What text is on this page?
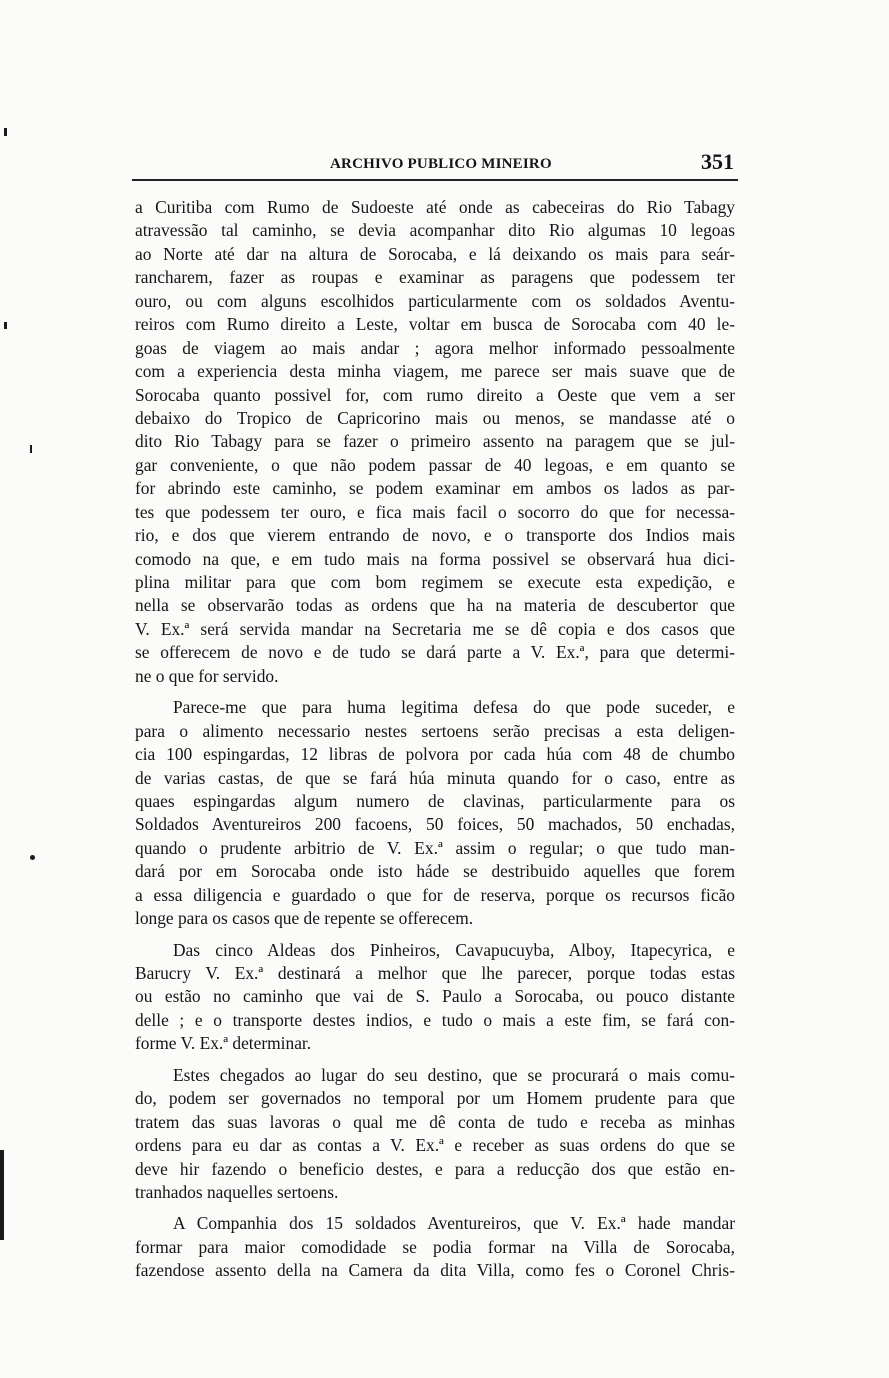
ARCHIVO PUBLICO MINEIRO	351
a Curitiba com Rumo de Sudoeste até onde as cabeceiras do Rio Tabagy
atravessão tal caminho, se devia acompanhar dito Rio algumas 10 legoas
ao Norte até dar na altura de Sorocaba, e lá deixando os mais para seár-
rancharem, fazer as roupas e examinar as paragens que podessem ter
ouro, ou com alguns escolhidos particularmente com os soldados Aventu-
reiros com Rumo direito a Leste, voltar em busca de Sorocaba com 40 le-
goas de viagem ao mais andar ; agora melhor informado pessoalmente
com a experiencia desta minha viagem, me parece ser mais suave que de
Sorocaba quanto possivel for, com rumo direito a Oeste que vem a ser
debaixo do Tropico de Capricorino mais ou menos, se mandasse até o
dito Rio Tabagy para se fazer o primeiro assento na paragem que se jul-
gar conveniente, o que não podem passar de 40 legoas, e em quanto se
for abrindo este caminho, se podem examinar em ambos os lados as par-
tes que podessem ter ouro, e fica mais facil o socorro do que for necessa-
rio, e dos que vierem entrando de novo, e o transporte dos Indios mais
comodo na que, e em tudo mais na forma possivel se observará hua dici-
plina militar para que com bom regimem se execute esta expedição, e
nella se observarão todas as ordens que ha na materia de descubertor que
V. Ex.ª será servida mandar na Secretaria me se dê copia e dos casos que
se offerecem de novo e de tudo se dará parte a V. Ex.ª, para que determi-
ne o que for servido.
Parece-me que para huma legitima defesa do que pode suceder, e
para o alimento necessario nestes sertoens serão precisas a esta deligen-
cia 100 espingardas, 12 libras de polvora por cada húa com 48 de chumbo
de varias castas, de que se fará húa minuta quando for o caso, entre as
quaes espingardas algum numero de clavinas, particularmente para os
Soldados Aventureiros 200 facoens, 50 foices, 50 machados, 50 enchadas,
quando o prudente arbitrio de V. Ex.ª assim o regular; o que tudo man-
dará por em Sorocaba onde isto háde se destribuido aquelles que forem
a essa diligencia e guardado o que for de reserva, porque os recursos ficão
longe para os casos que de repente se offerecem.
Das cinco Aldeas dos Pinheiros, Cavapucuyba, Alboy, Itapecyrica, e
Barucry V. Ex.ª destinará a melhor que lhe parecer, porque todas estas
ou estão no caminho que vai de S. Paulo a Sorocaba, ou pouco distante
delle ; e o transporte destes indios, e tudo o mais a este fim, se fará con-
forme V. Ex.ª determinar.
Estes chegados ao lugar do seu destino, que se procurará o mais comu-
do, podem ser governados no temporal por um Homem prudente para que
tratem das suas lavoras o qual me dê conta de tudo e receba as minhas
ordens para eu dar as contas a V. Ex.ª e receber as suas ordens do que se
deve hir fazendo o beneficio destes, e para a reducção dos que estão en-
tranhados naquelles sertoens.
A Companhia dos 15 soldados Aventureiros, que V. Ex.ª hade mandar
formar para maior comodidade se podia formar na Villa de Sorocaba,
fazendose assento della na Camera da dita Villa, como fes o Coronel Chris-
